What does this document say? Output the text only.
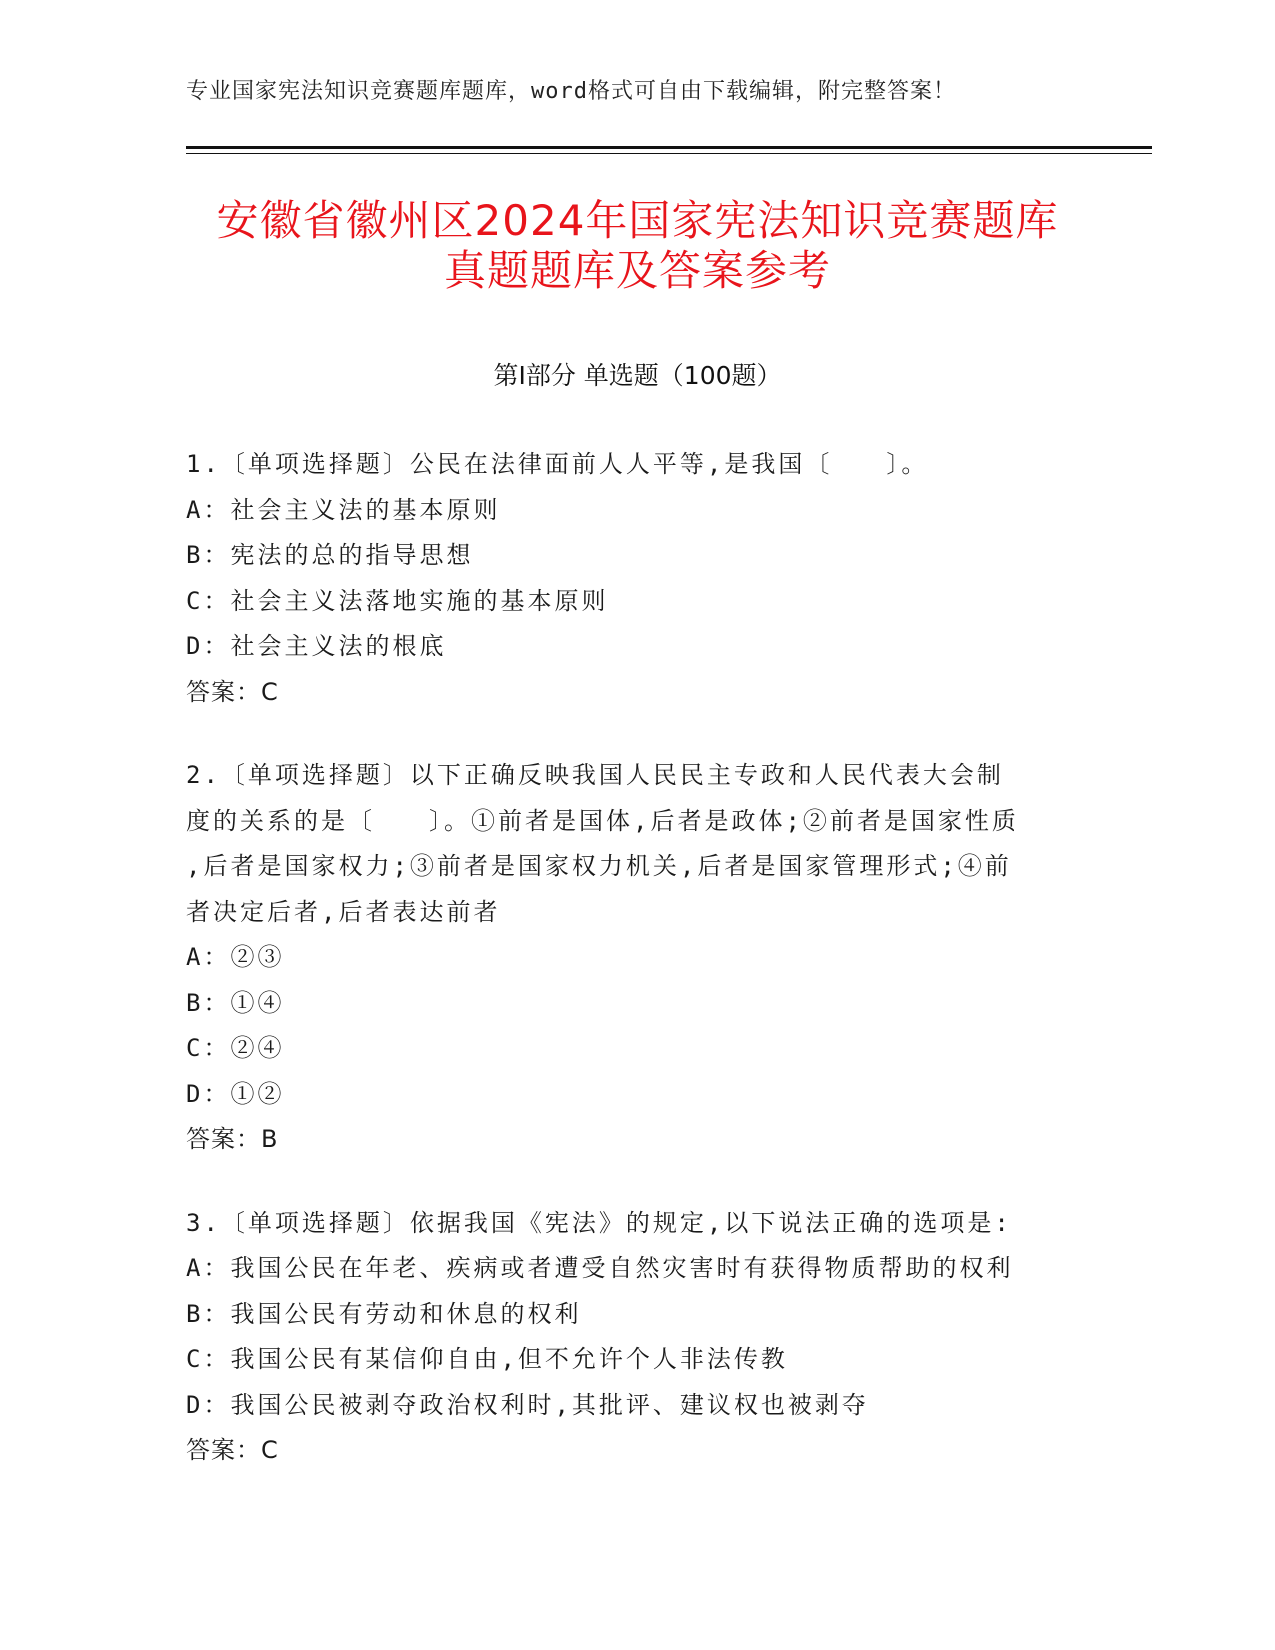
专业国家宪法知识竞赛题库题库，word格式可自由下载编辑，附完整答案！
安徽省徽州区2024年国家宪法知识竞赛题库
真题题库及答案参考
第Ⅰ部分 单选题（100题）
1.〔单项选择题〕公民在法律面前人人平等,是我国〔　　〕。
A：社会主义法的基本原则
B：宪法的总的指导思想
C：社会主义法落地实施的基本原则
D：社会主义法的根底
答案：C
2.〔单项选择题〕以下正确反映我国人民民主专政和人民代表大会制
度的关系的是〔　　〕。①前者是国体,后者是政体;②前者是国家性质
,后者是国家权力;③前者是国家权力机关,后者是国家管理形式;④前
者决定后者,后者表达前者
A：②③
B：①④
C：②④
D：①②
答案：B
3.〔单项选择题〕依据我国《宪法》的规定,以下说法正确的选项是:
A：我国公民在年老、疾病或者遭受自然灾害时有获得物质帮助的权利
B：我国公民有劳动和休息的权利
C：我国公民有某信仰自由,但不允许个人非法传教
D：我国公民被剥夺政治权利时,其批评、建议权也被剥夺
答案：C
